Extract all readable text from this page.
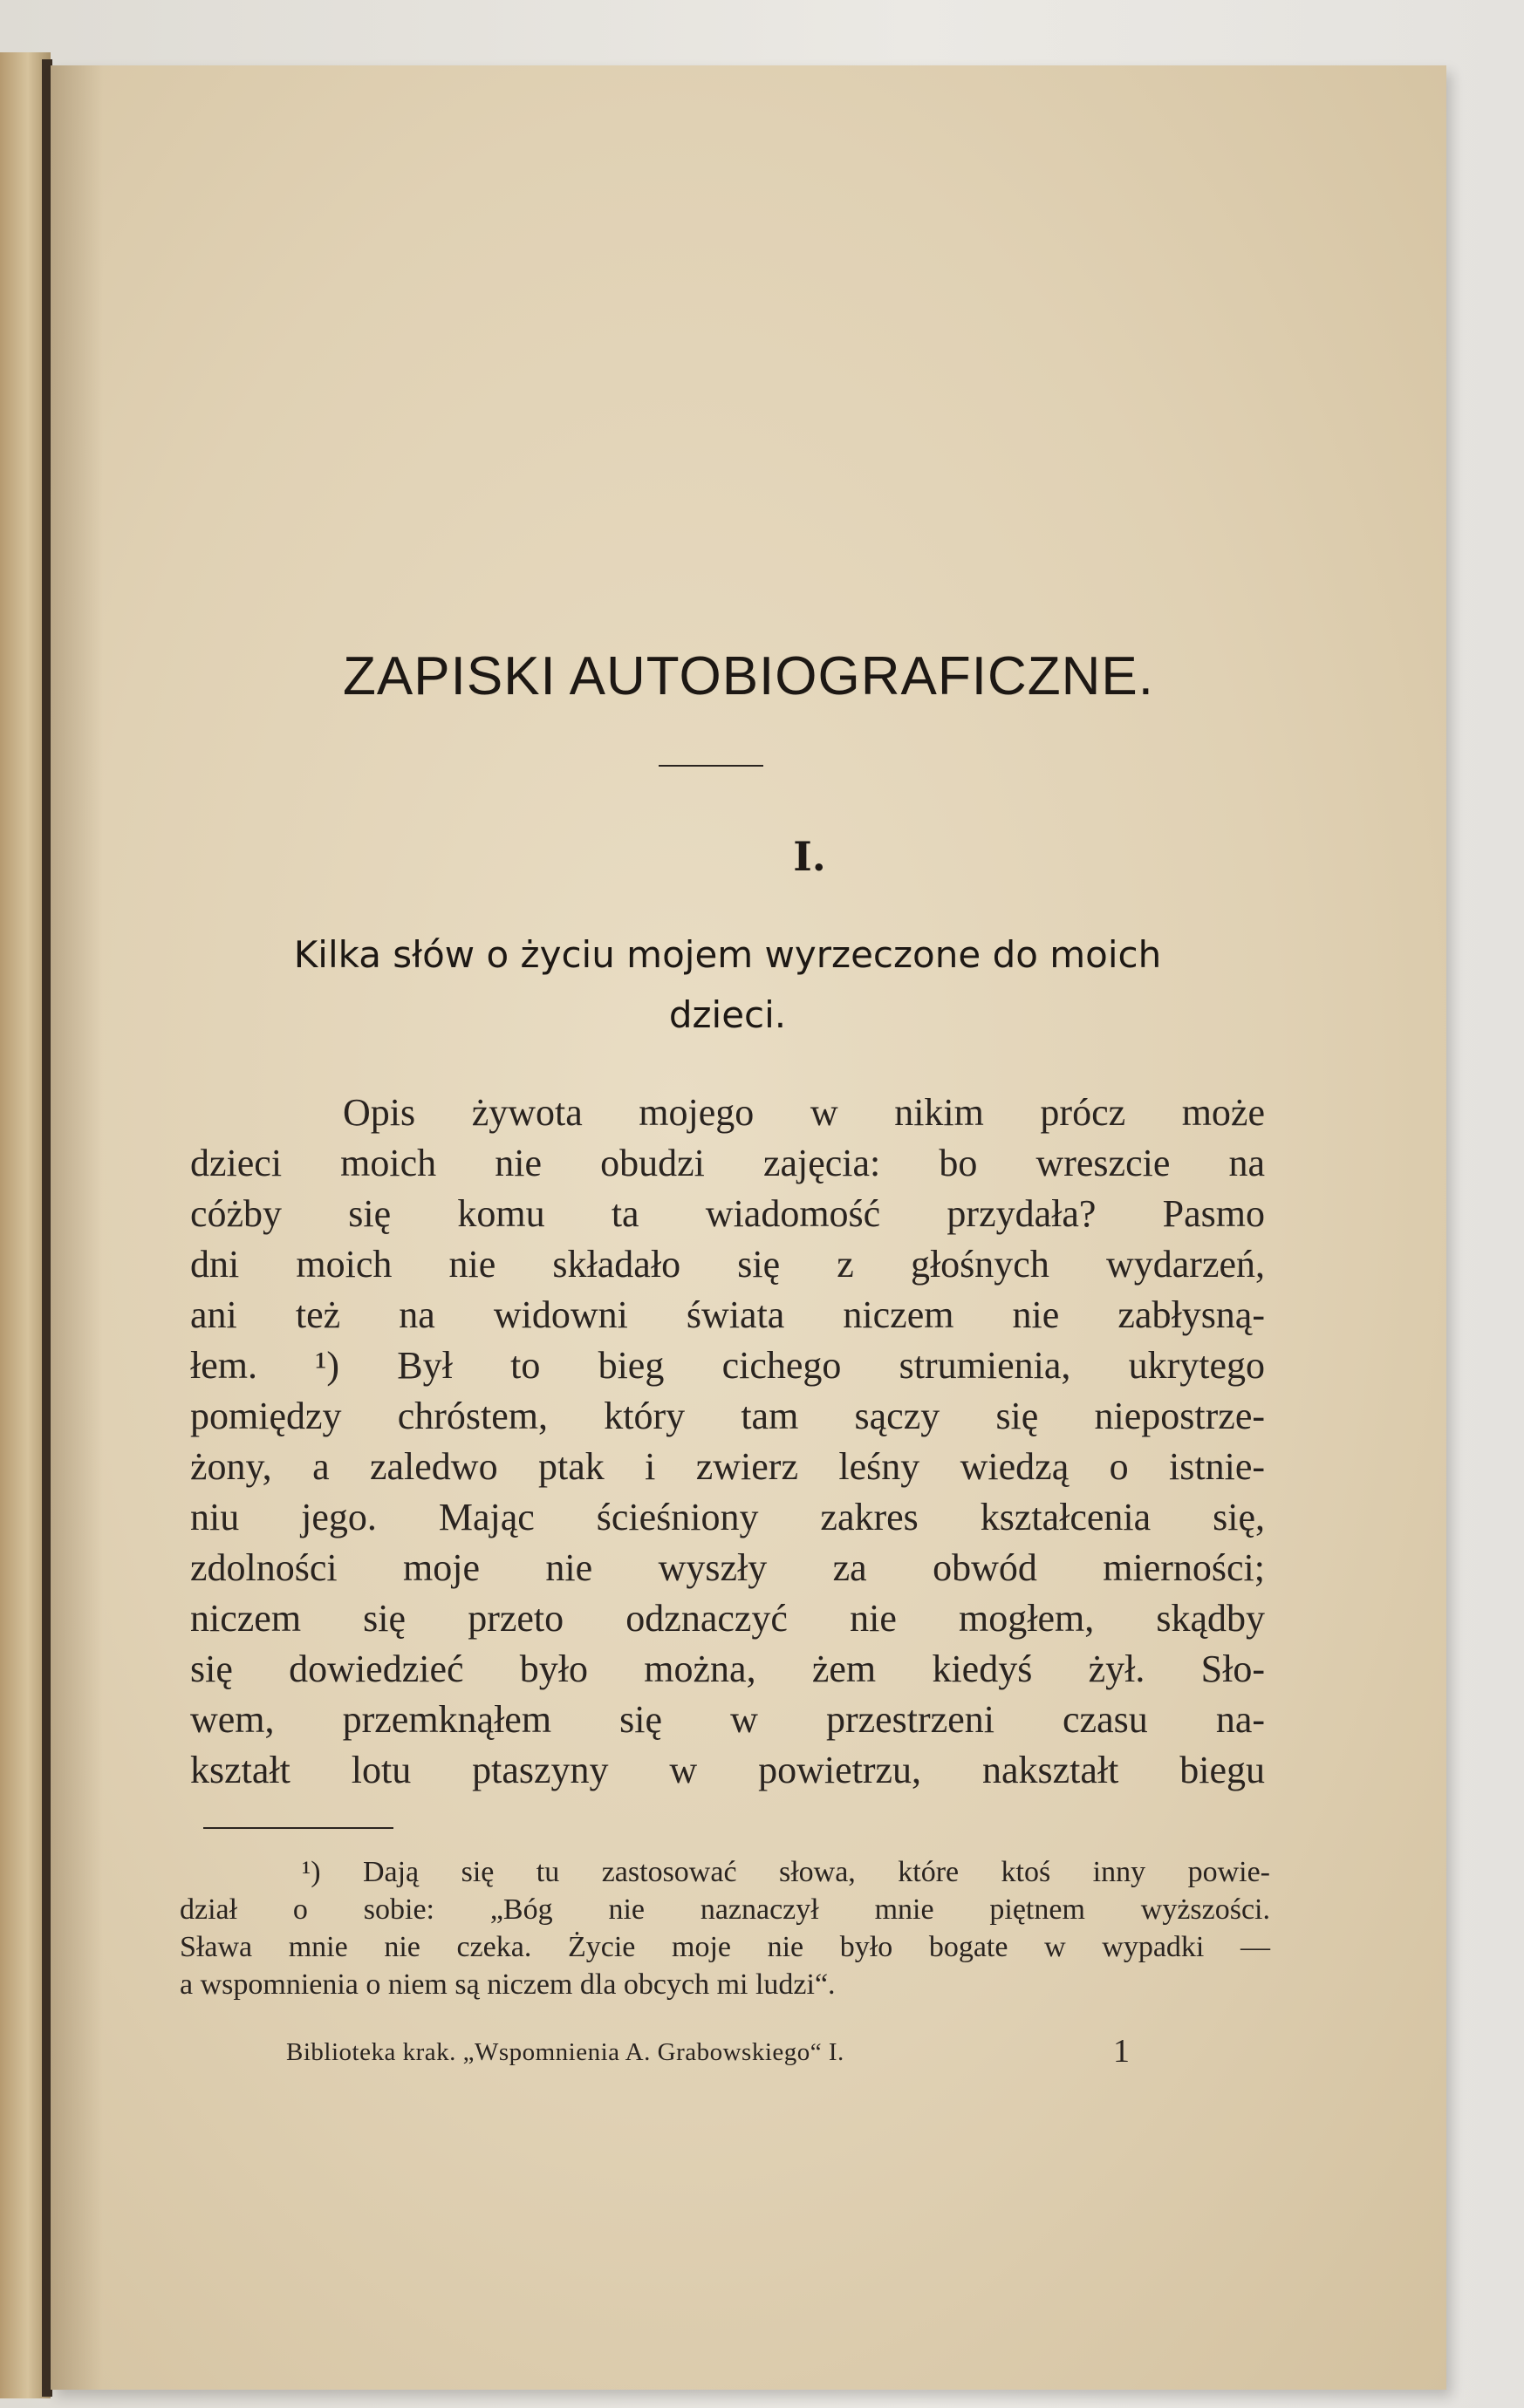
ZAPISKI AUTOBIOGRAFICZNE.
I.
Kilka słów o życiu mojem wyrzeczone do moich
dzieci.
Opis żywota mojego w nikim prócz może
dzieci moich nie obudzi zajęcia: bo wreszcie na
cóżby się komu ta wiadomość przydała? Pasmo
dni moich nie składało się z głośnych wydarzeń,
ani też na widowni świata niczem nie zabłysną-
łem. ¹) Był to bieg cichego strumienia, ukrytego
pomiędzy chróstem, który tam sączy się niepostrze-
żony, a zaledwo ptak i zwierz leśny wiedzą o istnie-
niu jego. Mając ścieśniony zakres kształcenia się,
zdolności moje nie wyszły za obwód mierności;
niczem się przeto odznaczyć nie mogłem, skądby
się dowiedzieć było można, żem kiedyś żył. Sło-
wem, przemknąłem się w przestrzeni czasu na-
kształt lotu ptaszyny w powietrzu, nakształt biegu
¹) Dają się tu zastosować słowa, które ktoś inny powie-
dział o sobie: „Bóg nie naznaczył mnie piętnem wyższości.
Sława mnie nie czeka. Życie moje nie było bogate w wypadki —
a wspomnienia o niem są niczem dla obcych mi ludzi“.
Biblioteka krak. „Wspomnienia A. Grabowskiego“ I.	1
